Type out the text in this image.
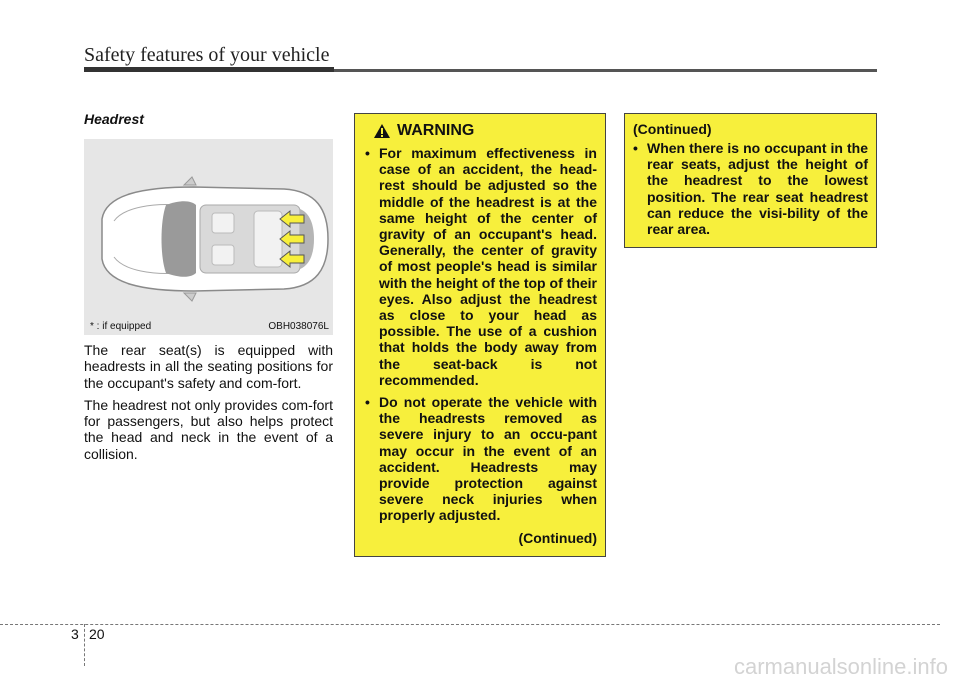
Safety features of your vehicle
Headrest
* : if equipped	OBH038076L

The rear seat(s) is equipped with headrests in all the seating positions for the occupant's safety and com-fort.

The headrest not only provides com-fort for passengers, but also helps protect the head and neck in the event of a collision.

WARNING
• For maximum effectiveness in case of an accident, the head-rest should be adjusted so the middle of the headrest is at the same height of the center of gravity of an occupant's head. Generally, the center of gravity of most people's head is similar with the height of the top of their eyes. Also adjust the headrest as close to your head as possible. The use of a cushion that holds the body away from the seat-back is not recommended.
• Do not operate the vehicle with the headrests removed as severe injury to an occu-pant may occur in the event of an accident. Headrests may provide protection against severe neck injuries when properly adjusted.
(Continued)
(Continued)
• When there is no occupant in the rear seats, adjust the height of the headrest to the lowest position. The rear seat headrest can reduce the visi-bility of the rear area.
3 20
carmanualsonline.info
